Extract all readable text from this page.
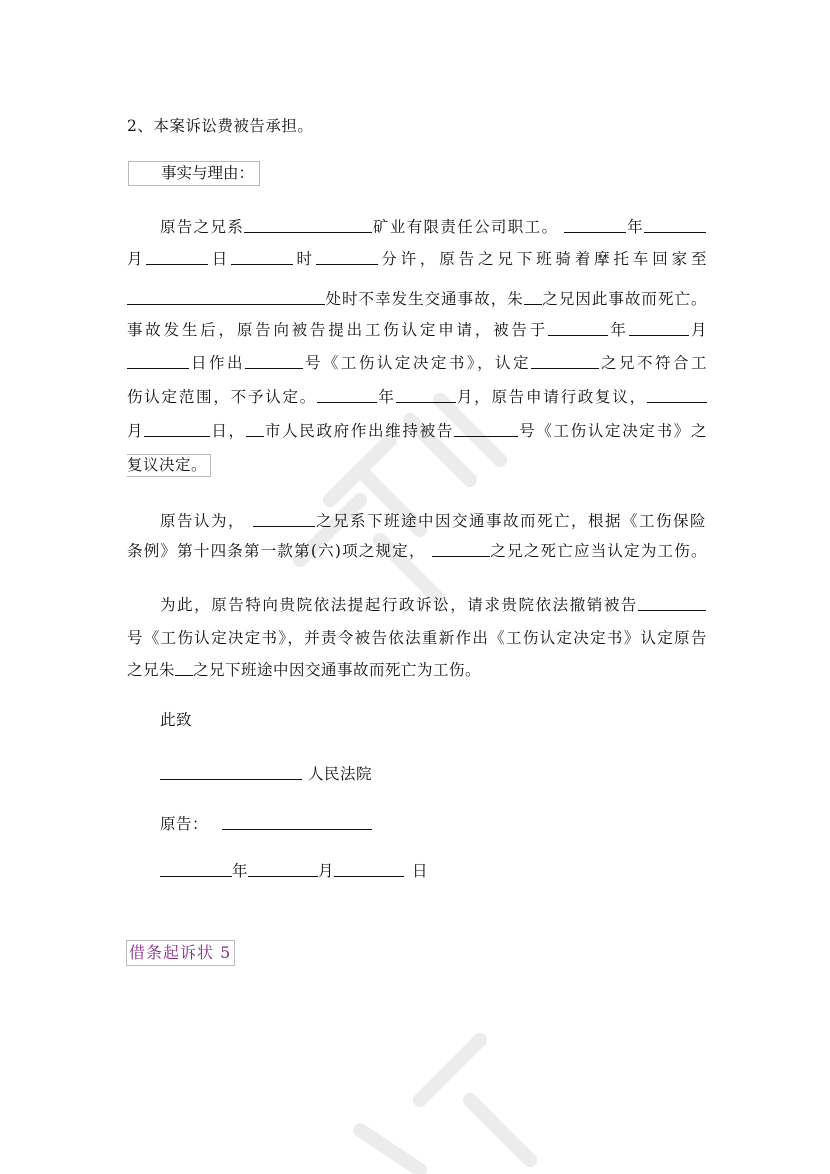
2、本案诉讼费被告承担。
事实与理由：
原告之兄系	矿业有限责任公司职工。	年
月	日	时	分许，原告之兄下班骑着摩托车回家至
处时不幸发生交通事故，朱 之兄因此事故而死亡。
事故发生后，原告向被告提出工伤认定申请，被告于	年	月
日作出	号《工伤认定决定书》，认定	之兄不符合工
伤认定范围，不予认定。	年	月，原告申请行政复议，
月	日， 市人民政府作出维持被告	号《工伤认定决定书》之
复议决定。
原告认为，	之兄系下班途中因交通事故而死亡，根据《工伤保险
条例》第十四条第一款第(六)项之规定，	之兄之死亡应当认定为工伤。
为此，原告特向贵院依法提起行政诉讼，请求贵院依法撤销被告
号《工伤认定决定书》，并责令被告依法重新作出《工伤认定决定书》认定原告
之兄朱 之兄下班途中因交通事故而死亡为工伤。
此致
人民法院
原告：
年	月	日
借条起诉状 5
